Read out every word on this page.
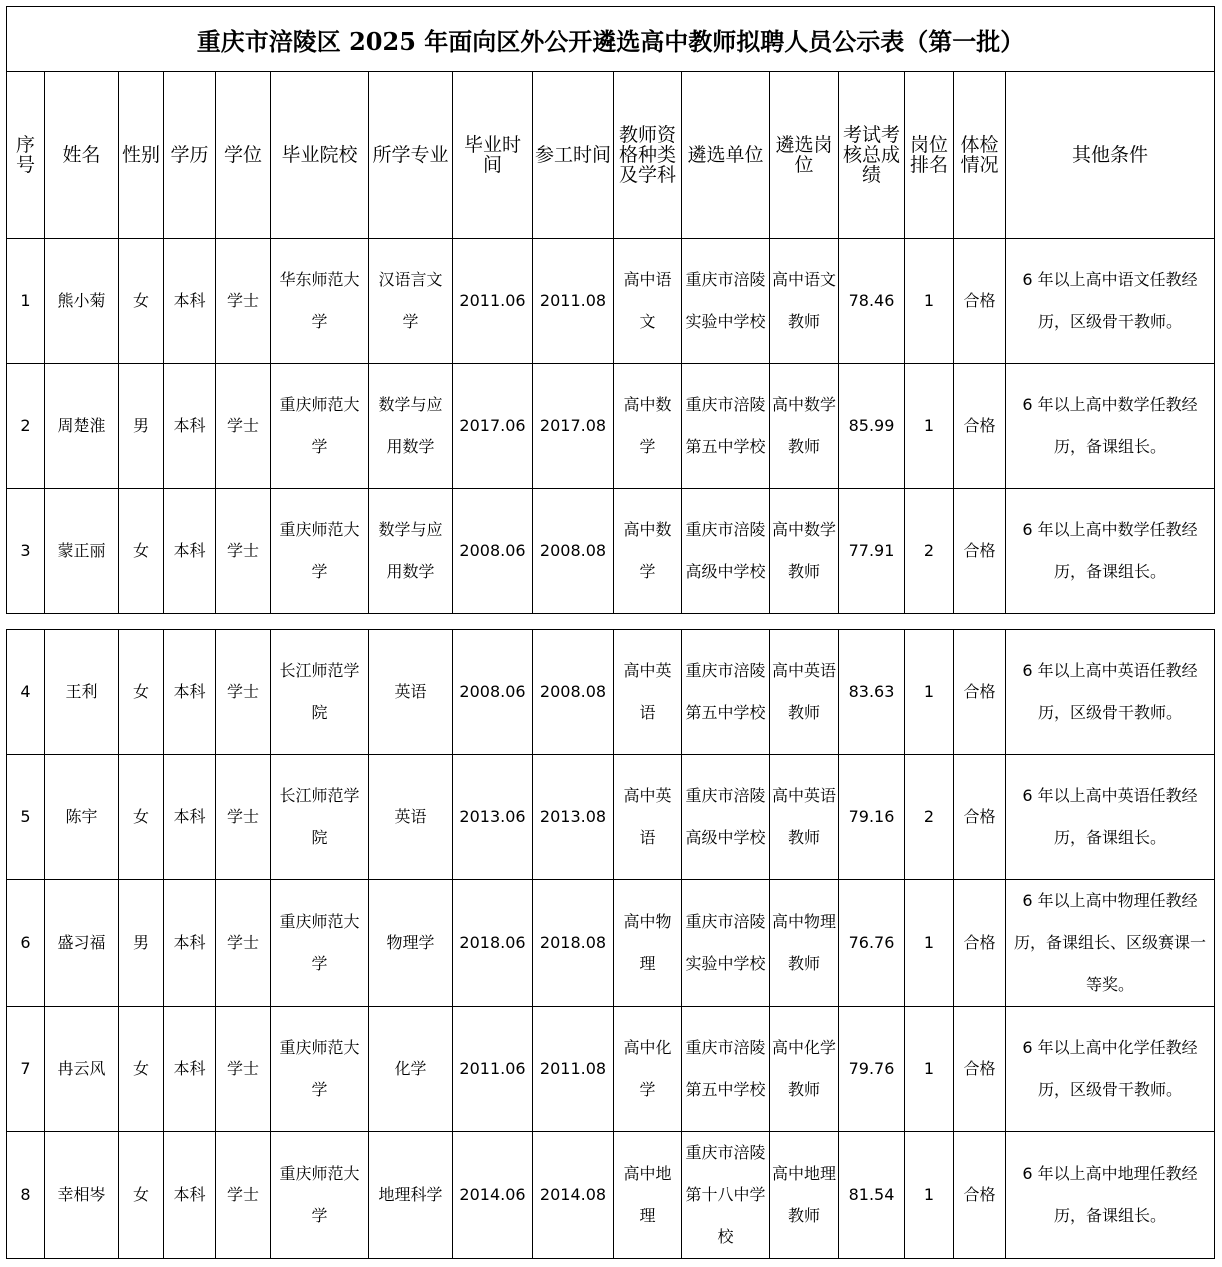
重庆市涪陵区 2025 年面向区外公开遴选高中教师拟聘人员公示表（第一批）															
序号	姓名	性别	学历	学位	毕业院校	所学专业	毕业时间	参工时间	教师资格种类及学科	遴选单位	遴选岗位	考试考核总成绩	岗位排名	体检情况	其他条件
1	熊小菊	女	本科	学士	华东师范大学	汉语言文学	2011.06	2011.08	高中语文	重庆市涪陵实验中学校	高中语文教师	78.46	1	合格	6 年以上高中语文任教经历，区级骨干教师。
2	周楚淮	男	本科	学士	重庆师范大学	数学与应用数学	2017.06	2017.08	高中数学	重庆市涪陵第五中学校	高中数学教师	85.99	1	合格	6 年以上高中数学任教经历，备课组长。
3	蒙正丽	女	本科	学士	重庆师范大学	数学与应用数学	2008.06	2008.08	高中数学	重庆市涪陵高级中学校	高中数学教师	77.91	2	合格	6 年以上高中数学任教经历，备课组长。
4	王利	女	本科	学士	长江师范学院	英语	2008.06	2008.08	高中英语	重庆市涪陵第五中学校	高中英语教师	83.63	1	合格	6 年以上高中英语任教经历，区级骨干教师。
5	陈宇	女	本科	学士	长江师范学院	英语	2013.06	2013.08	高中英语	重庆市涪陵高级中学校	高中英语教师	79.16	2	合格	6 年以上高中英语任教经历，备课组长。
6	盛习福	男	本科	学士	重庆师范大学	物理学	2018.06	2018.08	高中物理	重庆市涪陵实验中学校	高中物理教师	76.76	1	合格	6 年以上高中物理任教经历，备课组长、区级赛课一等奖。
7	冉云风	女	本科	学士	重庆师范大学	化学	2011.06	2011.08	高中化学	重庆市涪陵第五中学校	高中化学教师	79.76	1	合格	6 年以上高中化学任教经历，区级骨干教师。
8	幸相岑	女	本科	学士	重庆师范大学	地理科学	2014.06	2014.08	高中地理	重庆市涪陵第十八中学校	高中地理教师	81.54	1	合格	6 年以上高中地理任教经历，备课组长。
